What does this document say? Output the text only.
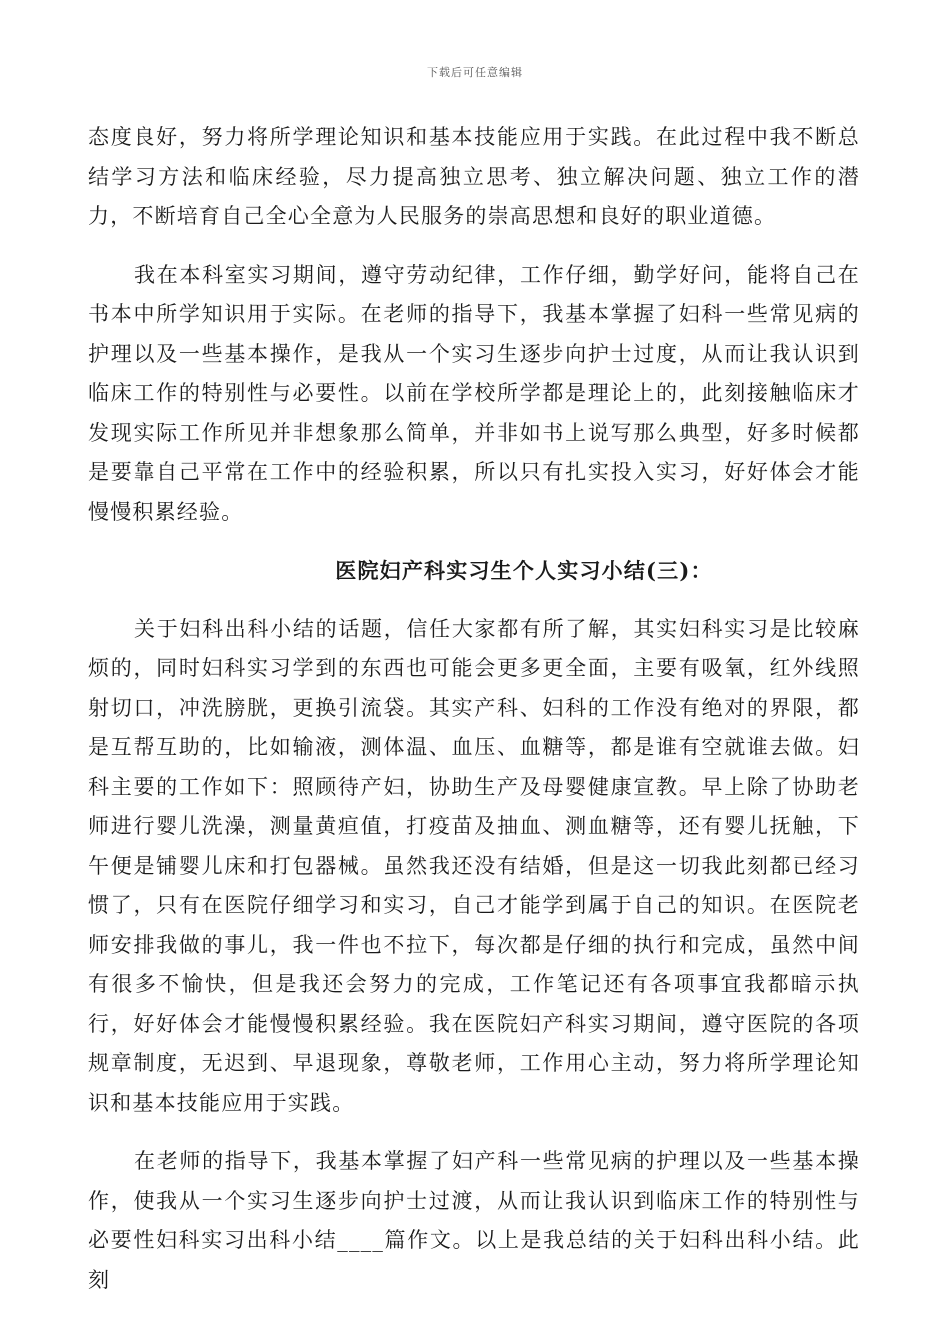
下载后可任意编辑

态度良好，努力将所学理论知识和基本技能应用于实践。在此过程中我不断总结学习方法和临床经验，尽力提高独立思考、独立解决问题、独立工作的潜力，不断培育自己全心全意为人民服务的崇高思想和良好的职业道德。

我在本科室实习期间，遵守劳动纪律，工作仔细，勤学好问，能将自己在书本中所学知识用于实际。在老师的指导下，我基本掌握了妇科一些常见病的护理以及一些基本操作，是我从一个实习生逐步向护士过度，从而让我认识到临床工作的特别性与必要性。以前在学校所学都是理论上的，此刻接触临床才发现实际工作所见并非想象那么简单，并非如书上说写那么典型，好多时候都是要靠自己平常在工作中的经验积累，所以只有扎实投入实习，好好体会才能慢慢积累经验。

医院妇产科实习生个人实习小结(三)：

关于妇科出科小结的话题，信任大家都有所了解，其实妇科实习是比较麻烦的，同时妇科实习学到的东西也可能会更多更全面，主要有吸氧，红外线照射切口，冲洗膀胱，更换引流袋。其实产科、妇科的工作没有绝对的界限，都是互帮互助的，比如输液，测体温、血压、血糖等，都是谁有空就谁去做。妇科主要的工作如下：照顾待产妇，协助生产及母婴健康宣教。早上除了协助老师进行婴儿洗澡，测量黄疸值，打疫苗及抽血、测血糖等，还有婴儿抚触，下午便是铺婴儿床和打包器械。虽然我还没有结婚，但是这一切我此刻都已经习惯了，只有在医院仔细学习和实习，自己才能学到属于自己的知识。在医院老师安排我做的事儿，我一件也不拉下，每次都是仔细的执行和完成，虽然中间有很多不愉快，但是我还会努力的完成，工作笔记还有各项事宜我都暗示执行，好好体会才能慢慢积累经验。我在医院妇产科实习期间，遵守医院的各项规章制度，无迟到、早退现象，尊敬老师，工作用心主动，努力将所学理论知识和基本技能应用于实践。

在老师的指导下，我基本掌握了妇产科一些常见病的护理以及一些基本操作，使我从一个实习生逐步向护士过渡，从而让我认识到临床工作的特别性与必要性妇科实习出科小结____篇作文。以上是我总结的关于妇科出科小结。此刻
